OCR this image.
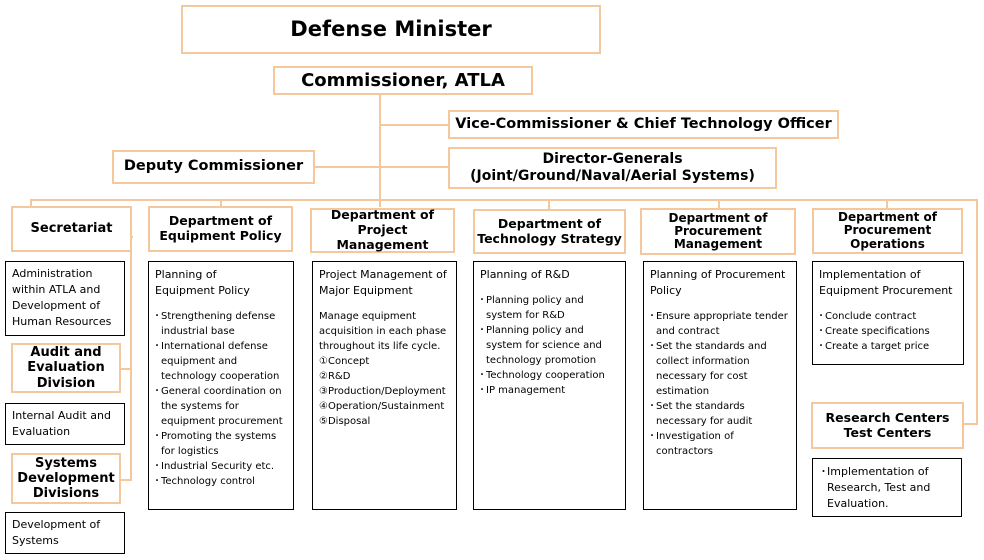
Defense Minister
Commissioner, ATLA
Vice-Commissioner & Chief Technology Officer
Deputy Commissioner	Director-Generals
(Joint/Ground/Naval/Aerial Systems)
Secretariat
Administration within ATLA and Development of Human Resources
Audit and Evaluation Division
Internal Audit and Evaluation
Systems Development Divisions
Development of Systems
Department of
Equipment Policy
Planning of
Equipment Policy
・ Strengthening defense industrial base
・ International defense equipment and technology cooperation
・ General coordination on the systems for equipment procurement
・ Promoting the systems for logistics
・ Industrial Security etc.
・ Technology control
Department of
Project Management
Project Management of Major Equipment
Manage equipment acquisition in each phase throughout its life cycle.
①Concept
②R&D
③Production/Deployment
④Operation/Sustainment
⑤Disposal
Department of
Technology Strategy
Planning of R&D
・ Planning policy and system for R&D
・ Planning policy and system for science and technology promotion
・ Technology cooperation
・ IP management
Department of
Procurement
Management
Planning of Procurement Policy
・ Ensure appropriate tender and contract
・ Set the standards and collect information necessary for cost estimation
・ Set the standards necessary for audit
・ Investigation of contractors
Department of
Procurement
Operations
Implementation of Equipment Procurement
・ Conclude contract
・ Create specifications
・ Create a target price
Research Centers
Test Centers
・ Implementation of Research, Test and Evaluation.
